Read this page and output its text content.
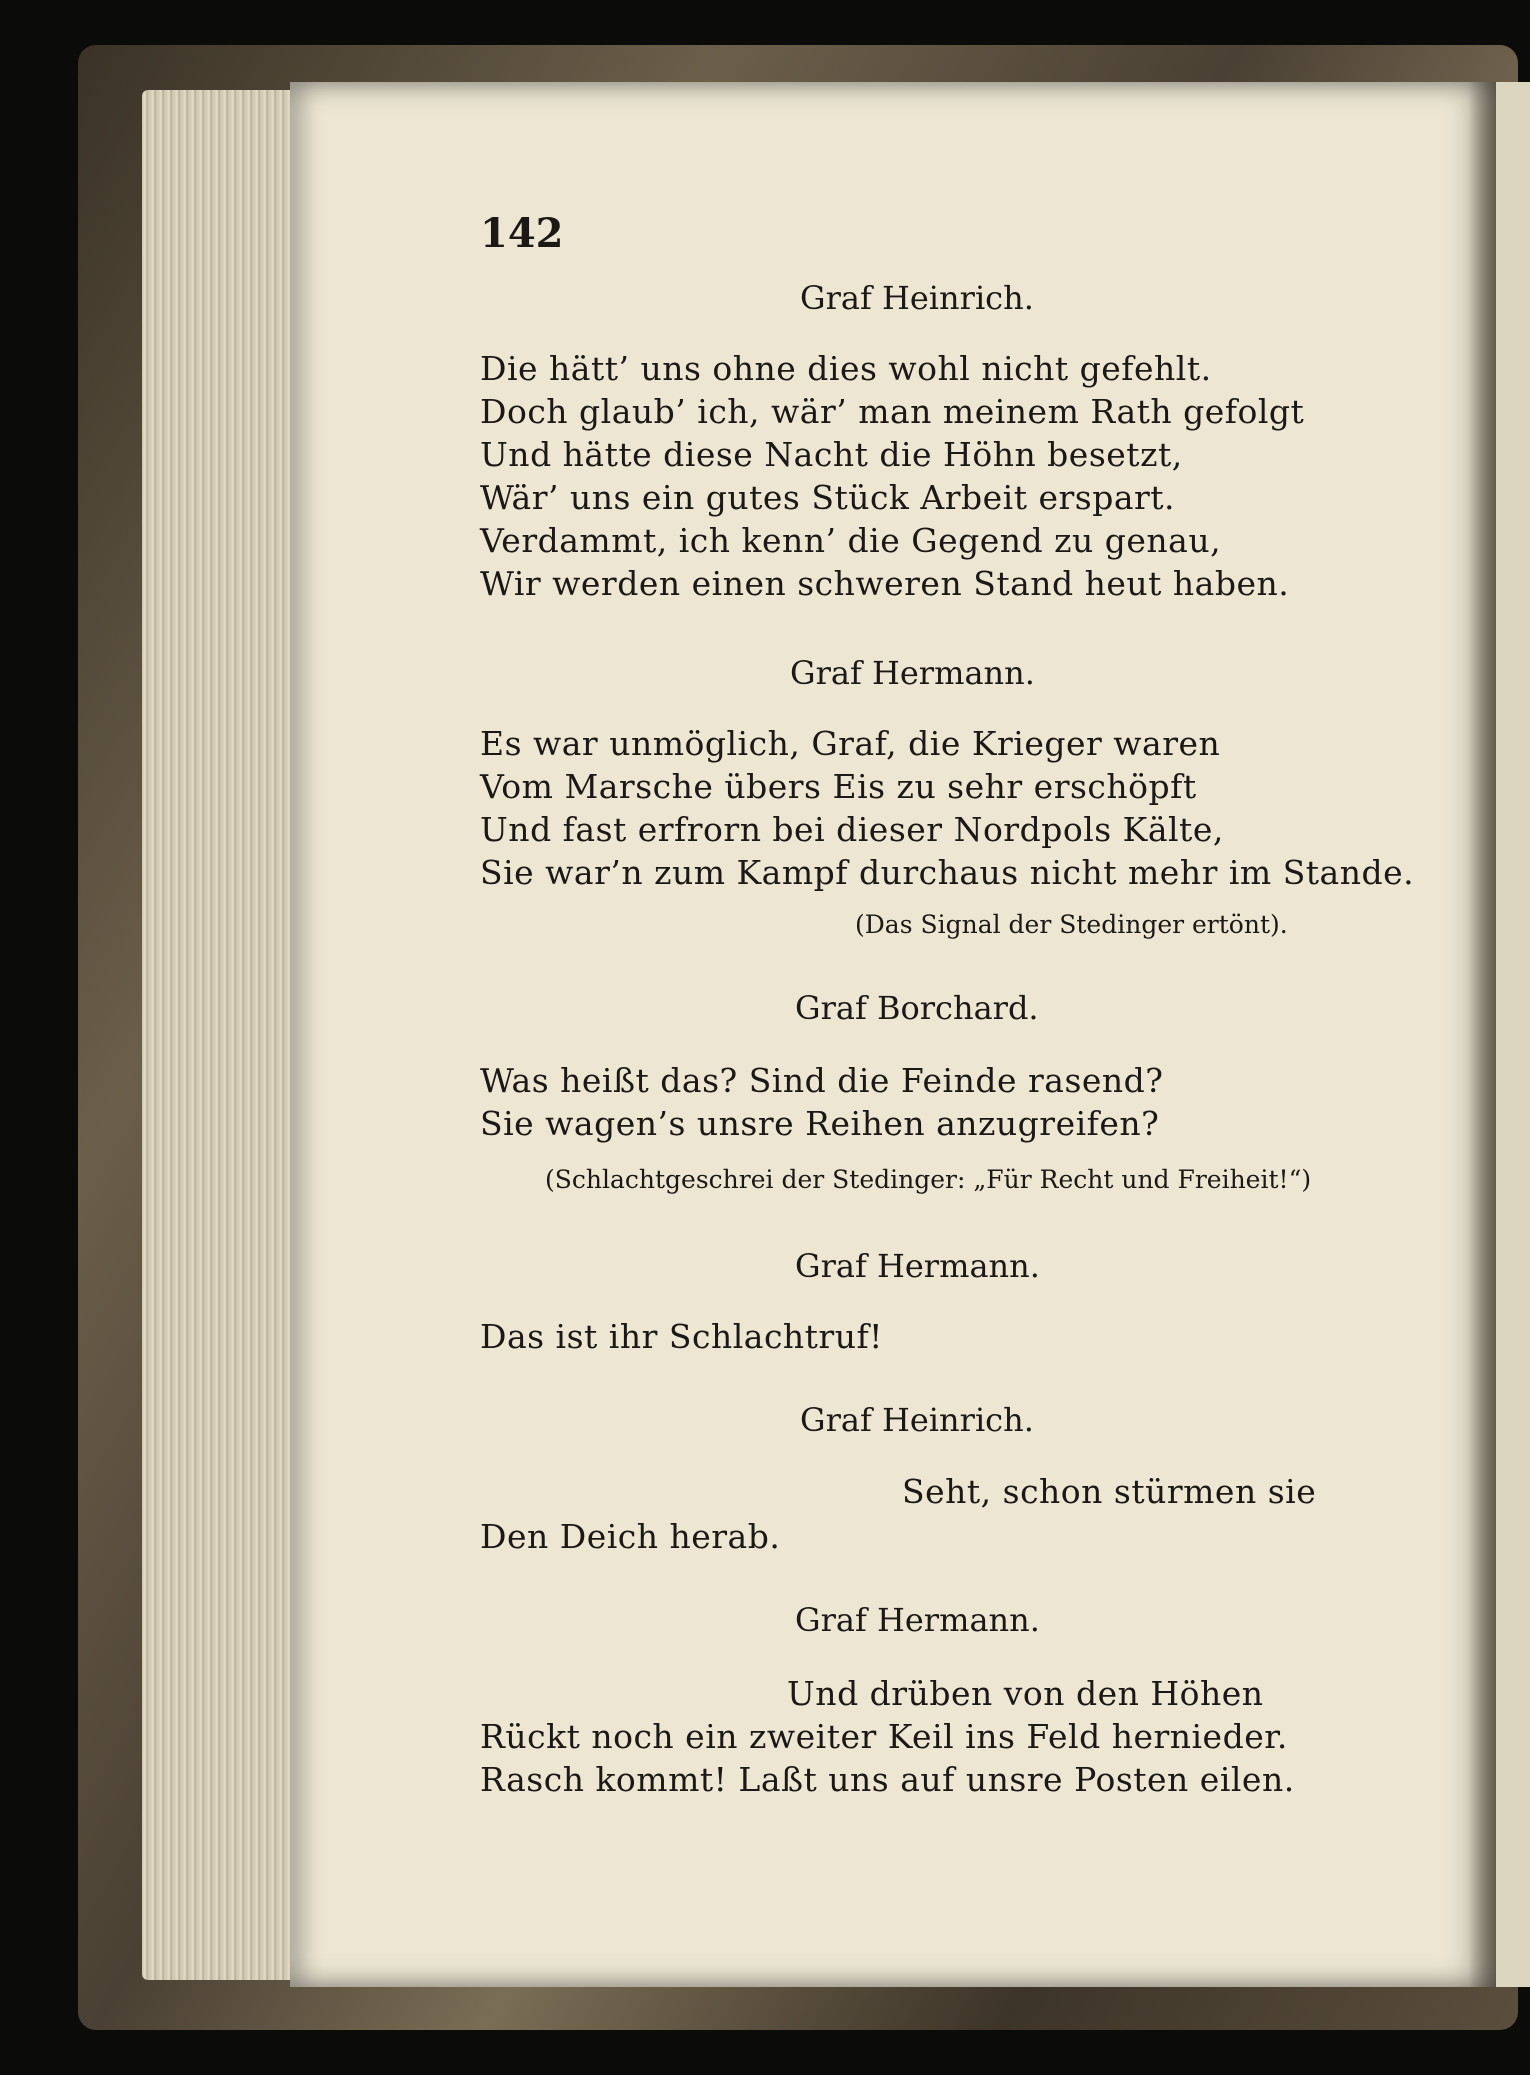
142
Graf Heinrich.
Die hätt’ uns ohne dies wohl nicht gefehlt.
Doch glaub’ ich, wär’ man meinem Rath gefolgt
Und hätte diese Nacht die Höhn besetzt,
Wär’ uns ein gutes Stück Arbeit erspart.
Verdammt, ich kenn’ die Gegend zu genau,
Wir werden einen schweren Stand heut haben.
Graf Hermann.
Es war unmöglich, Graf, die Krieger waren
Vom Marsche übers Eis zu sehr erschöpft
Und fast erfrorn bei dieser Nordpols Kälte,
Sie war’n zum Kampf durchaus nicht mehr im Stande.
(Das Signal der Stedinger ertönt).
Graf Borchard.
Was heißt das? Sind die Feinde rasend?
Sie wagen’s unsre Reihen anzugreifen?
(Schlachtgeschrei der Stedinger: „Für Recht und Freiheit!“)
Graf Hermann.
Das ist ihr Schlachtruf!
Graf Heinrich.
Seht, schon stürmen sie
Den Deich herab.
Graf Hermann.
Und drüben von den Höhen
Rückt noch ein zweiter Keil ins Feld hernieder.
Rasch kommt! Laßt uns auf unsre Posten eilen.
